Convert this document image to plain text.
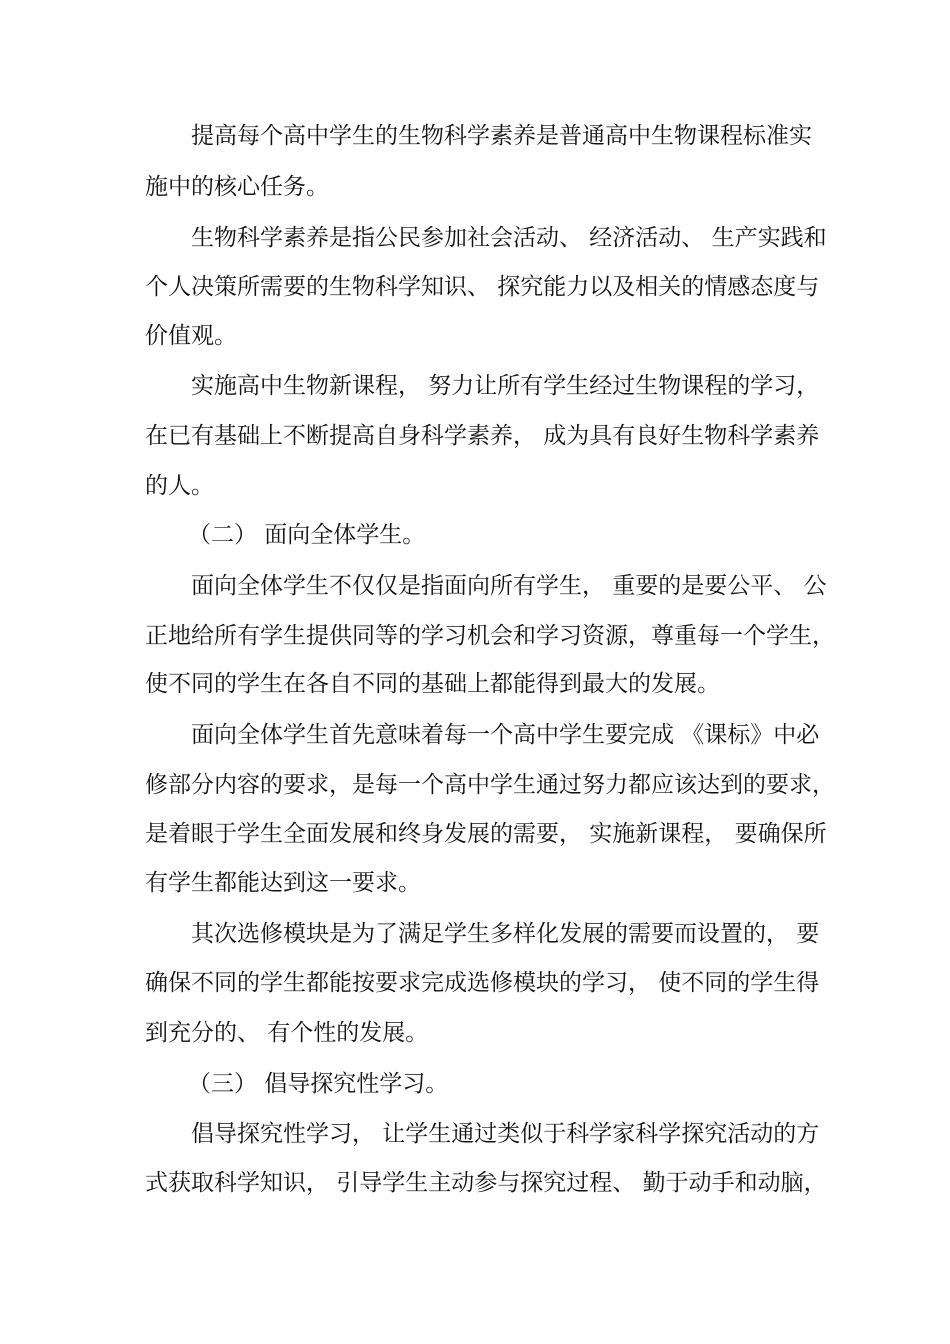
提高每个高中学生的生物科学素养是普通高中生物课程标准实

施中的核心任务。

生物科学素养是指公民参加社会活动、 经济活动、 生产实践和

个人决策所需要的生物科学知识、 探究能力以及相关的情感态度与

价值观。

实施高中生物新课程， 努力让所有学生经过生物课程的学习，

在已有基础上不断提高自身科学素养， 成为具有良好生物科学素养

的人。

（二） 面向全体学生。

面向全体学生不仅仅是指面向所有学生， 重要的是要公平、 公

正地给所有学生提供同等的学习机会和学习资源，尊重每一个学生，

使不同的学生在各自不同的基础上都能得到最大的发展。

面向全体学生首先意味着每一个高中学生要完成 《课标》中必

修部分内容的要求，是每一个高中学生通过努力都应该达到的要求，

是着眼于学生全面发展和终身发展的需要， 实施新课程， 要确保所

有学生都能达到这一要求。

其次选修模块是为了满足学生多样化发展的需要而设置的， 要

确保不同的学生都能按要求完成选修模块的学习， 使不同的学生得

到充分的、 有个性的发展。

（三） 倡导探究性学习。

倡导探究性学习， 让学生通过类似于科学家科学探究活动的方

式获取科学知识， 引导学生主动参与探究过程、 勤于动手和动脑，
